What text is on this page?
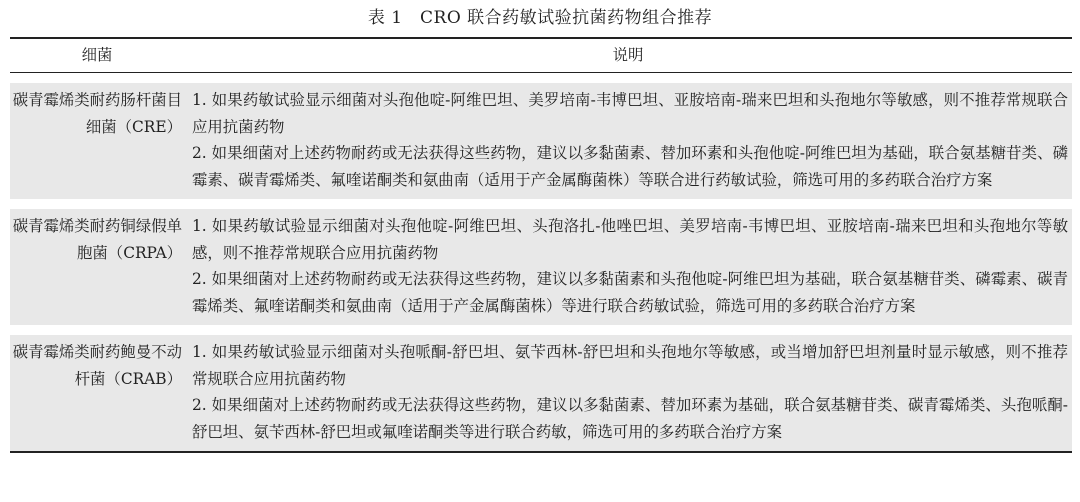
表 1　CRO 联合药敏试验抗菌药物组合推荐
细菌	说明

碳青霉烯类耐药肠杆菌目细菌（CRE）	1. 如果药敏试验显示细菌对头孢他啶-阿维巴坦、美罗培南-韦博巴坦、亚胺培南-瑞来巴坦和头孢地尔等敏感，则不推荐常规联合应用抗菌药物

2. 如果细菌对上述药物耐药或无法获得这些药物，建议以多黏菌素、替加环素和头孢他啶-阿维巴坦为基础，联合氨基糖苷类、磷霉素、碳青霉烯类、氟喹诺酮类和氨曲南（适用于产金属酶菌株）等联合进行药敏试验，筛选可用的多药联合治疗方案

碳青霉烯类耐药铜绿假单胞菌（CRPA）	1. 如果药敏试验显示细菌对头孢他啶-阿维巴坦、头孢洛扎-他唑巴坦、美罗培南-韦博巴坦、亚胺培南-瑞来巴坦和头孢地尔等敏感，则不推荐常规联合应用抗菌药物

2. 如果细菌对上述药物耐药或无法获得这些药物，建议以多黏菌素和头孢他啶-阿维巴坦为基础，联合氨基糖苷类、磷霉素、碳青霉烯类、氟喹诺酮类和氨曲南（适用于产金属酶菌株）等进行联合药敏试验，筛选可用的多药联合治疗方案

碳青霉烯类耐药鲍曼不动杆菌（CRAB）	1. 如果药敏试验显示细菌对头孢哌酮-舒巴坦、氨苄西林-舒巴坦和头孢地尔等敏感，或当增加舒巴坦剂量时显示敏感，则不推荐常规联合应用抗菌药物

2. 如果细菌对上述药物耐药或无法获得这些药物，建议以多黏菌素、替加环素为基础，联合氨基糖苷类、碳青霉烯类、头孢哌酮-舒巴坦、氨苄西林-舒巴坦或氟喹诺酮类等进行联合药敏，筛选可用的多药联合治疗方案
